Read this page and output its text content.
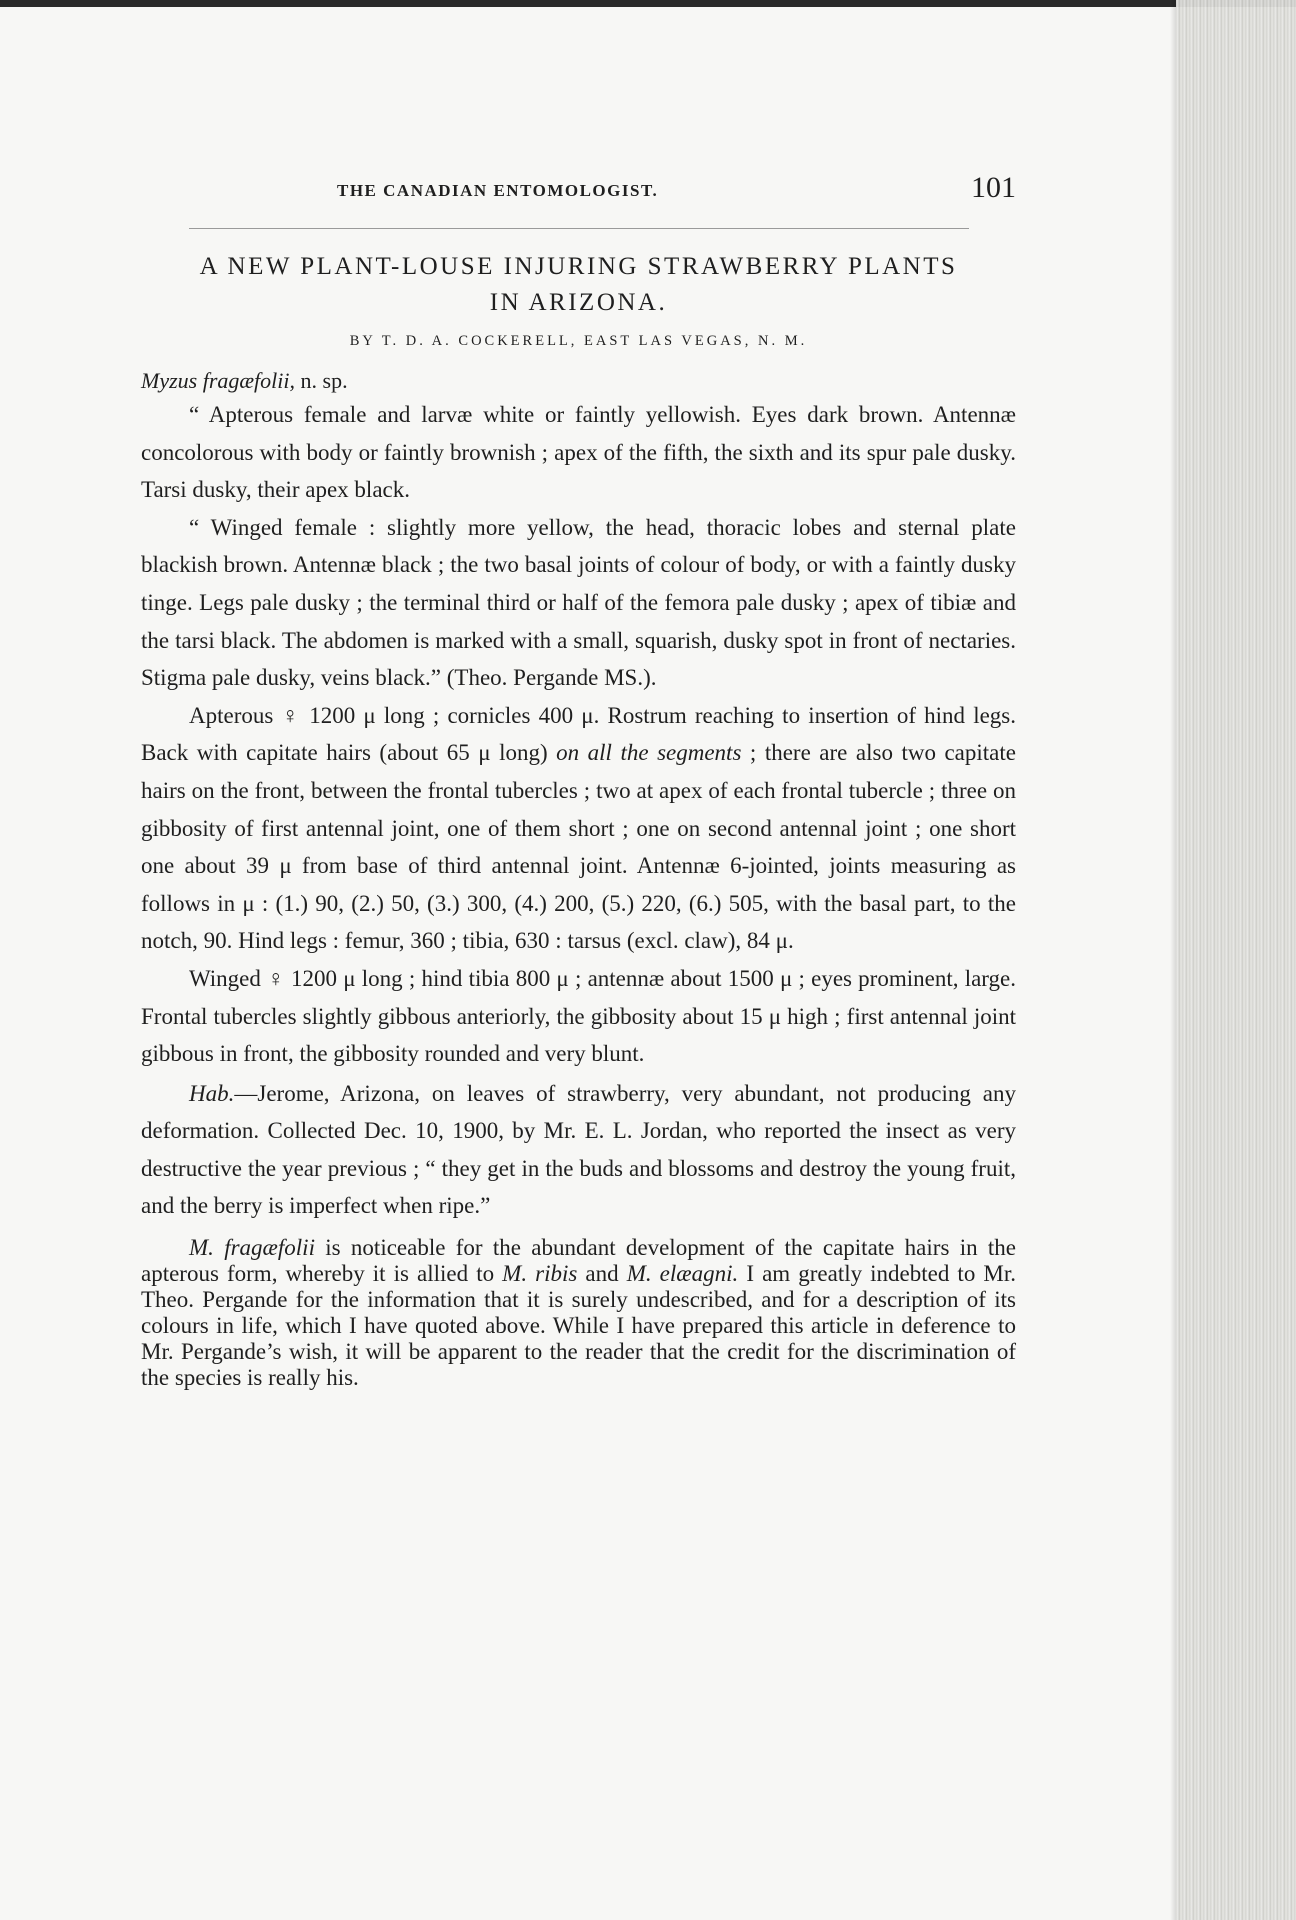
THE CANADIAN ENTOMOLOGIST.	101
A NEW PLANT-LOUSE INJURING STRAWBERRY PLANTS
IN ARIZONA.
BY T. D. A. COCKERELL, EAST LAS VEGAS, N. M.
Myzus fragæfolii, n. sp.

“ Apterous female and larvæ white or faintly yellowish. Eyes dark brown. Antennæ concolorous with body or faintly brownish ; apex of the fifth, the sixth and its spur pale dusky. Tarsi dusky, their apex black.

“ Winged female : slightly more yellow, the head, thoracic lobes and sternal plate blackish brown. Antennæ black ; the two basal joints of colour of body, or with a faintly dusky tinge. Legs pale dusky ; the terminal third or half of the femora pale dusky ; apex of tibiæ and the tarsi black. The abdomen is marked with a small, squarish, dusky spot in front of nectaries. Stigma pale dusky, veins black.” (Theo. Pergande MS.).

Apterous ♀ 1200 μ long ; cornicles 400 μ. Rostrum reaching to insertion of hind legs. Back with capitate hairs (about 65 μ long) on all the segments ; there are also two capitate hairs on the front, between the frontal tubercles ; two at apex of each frontal tubercle ; three on gibbosity of first antennal joint, one of them short ; one on second antennal joint ; one short one about 39 μ from base of third antennal joint. Antennæ 6-jointed, joints measuring as follows in μ : (1.) 90, (2.) 50, (3.) 300, (4.) 200, (5.) 220, (6.) 505, with the basal part, to the notch, 90. Hind legs : femur, 360 ; tibia, 630 : tarsus (excl. claw), 84 μ.

Winged ♀ 1200 μ long ; hind tibia 800 μ ; antennæ about 1500 μ ; eyes prominent, large. Frontal tubercles slightly gibbous anteriorly, the gibbosity about 15 μ high ; first antennal joint gibbous in front, the gibbosity rounded and very blunt.

Hab.—Jerome, Arizona, on leaves of strawberry, very abundant, not producing any deformation. Collected Dec. 10, 1900, by Mr. E. L. Jordan, who reported the insect as very destructive the year previous ; “ they get in the buds and blossoms and destroy the young fruit, and the berry is imperfect when ripe.”

M. fragæfolii is noticeable for the abundant development of the capitate hairs in the apterous form, whereby it is allied to M. ribis and M. elæagni. I am greatly indebted to Mr. Theo. Pergande for the information that it is surely undescribed, and for a description of its colours in life, which I have quoted above. While I have prepared this article in deference to Mr. Pergande’s wish, it will be apparent to the reader that the credit for the discrimination of the species is really his.
